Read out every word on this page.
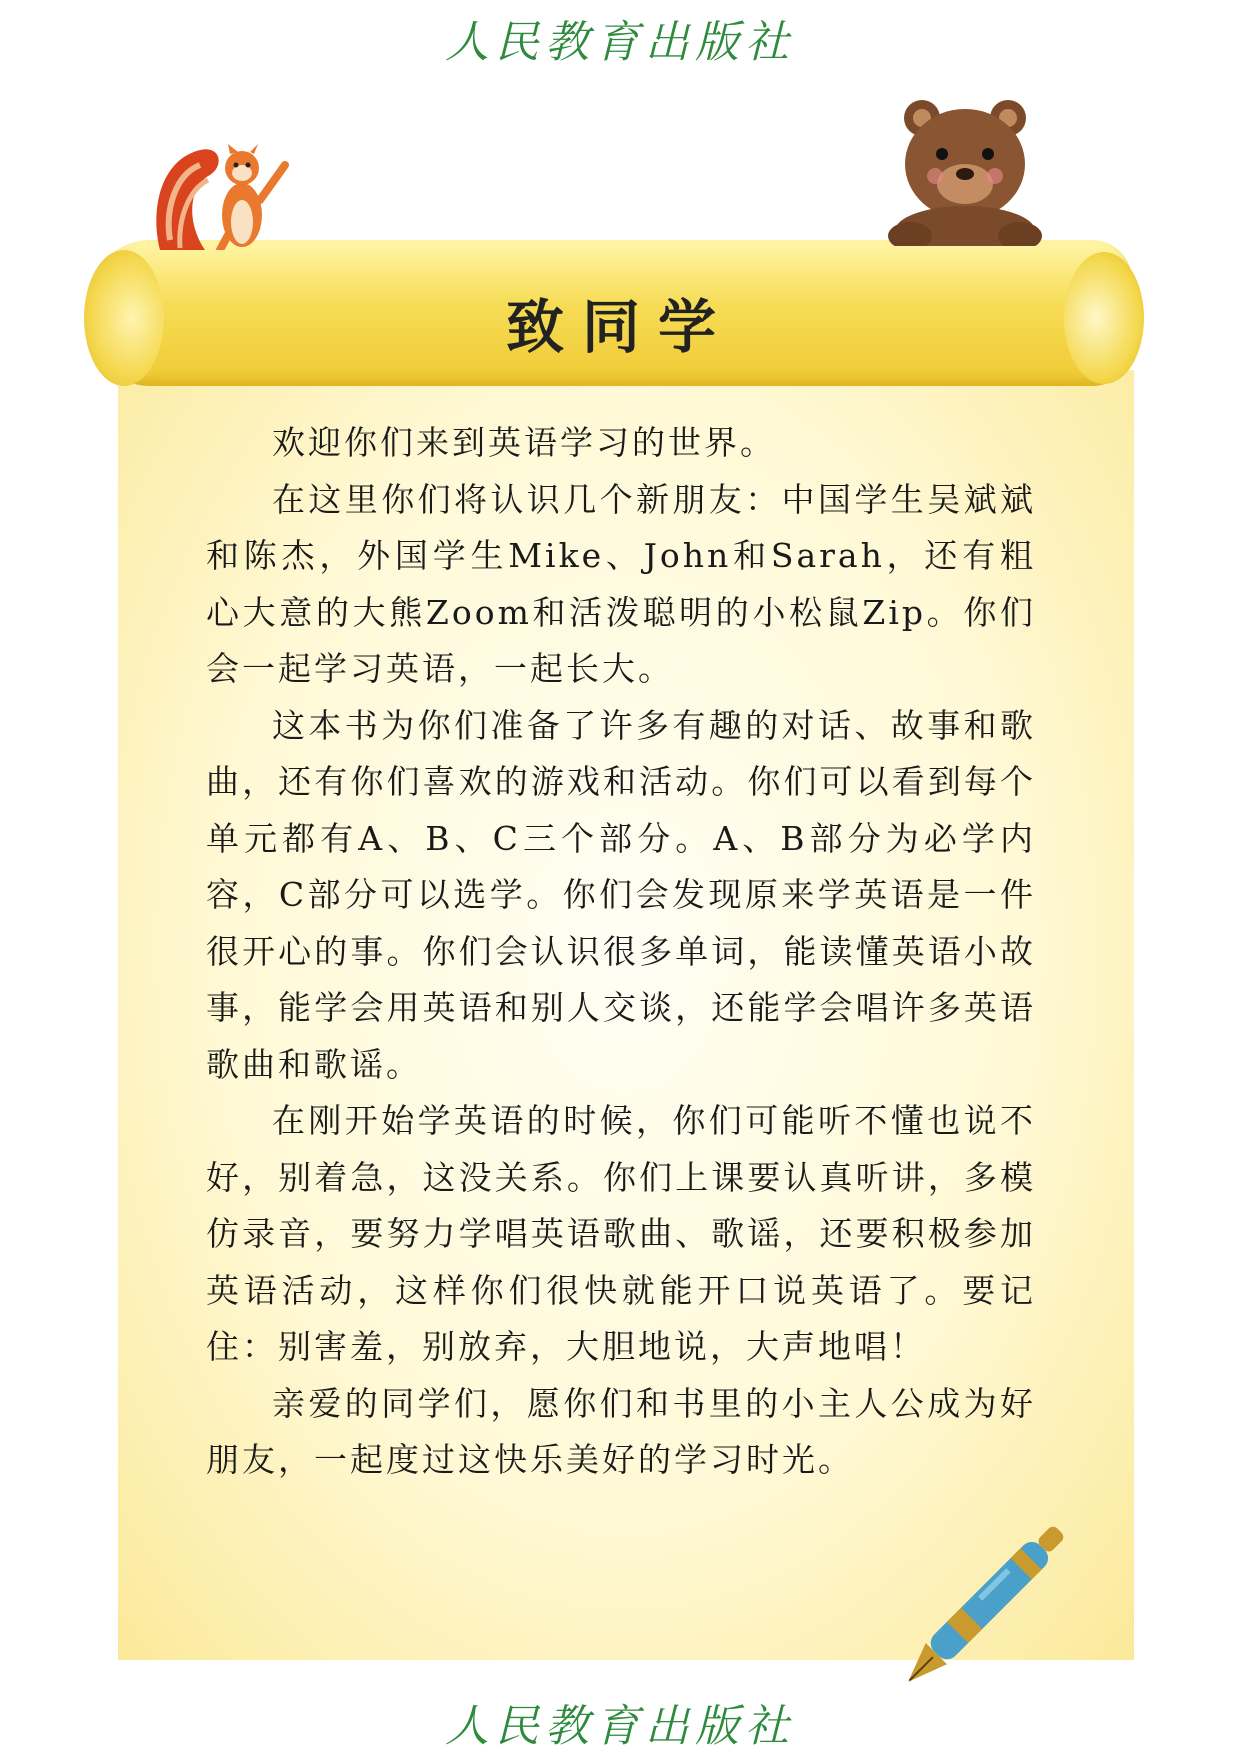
人民教育出版社
致同学

欢迎你们来到英语学习的世界。

在这里你们将认识几个新朋友：中国学生吴斌斌和陈杰，外国学生Mike、John和Sarah，还有粗心大意的大熊Zoom和活泼聪明的小松鼠Zip。你们会一起学习英语，一起长大。

这本书为你们准备了许多有趣的对话、故事和歌曲，还有你们喜欢的游戏和活动。你们可以看到每个单元都有A、B、C三个部分。A、B部分为必学内容，C部分可以选学。你们会发现原来学英语是一件很开心的事。你们会认识很多单词，能读懂英语小故事，能学会用英语和别人交谈，还能学会唱许多英语歌曲和歌谣。

在刚开始学英语的时候，你们可能听不懂也说不好，别着急，这没关系。你们上课要认真听讲，多模仿录音，要努力学唱英语歌曲、歌谣，还要积极参加英语活动，这样你们很快就能开口说英语了。要记住：别害羞，别放弃，大胆地说，大声地唱！

亲爱的同学们，愿你们和书里的小主人公成为好朋友，一起度过这快乐美好的学习时光。

人民教育出版社
